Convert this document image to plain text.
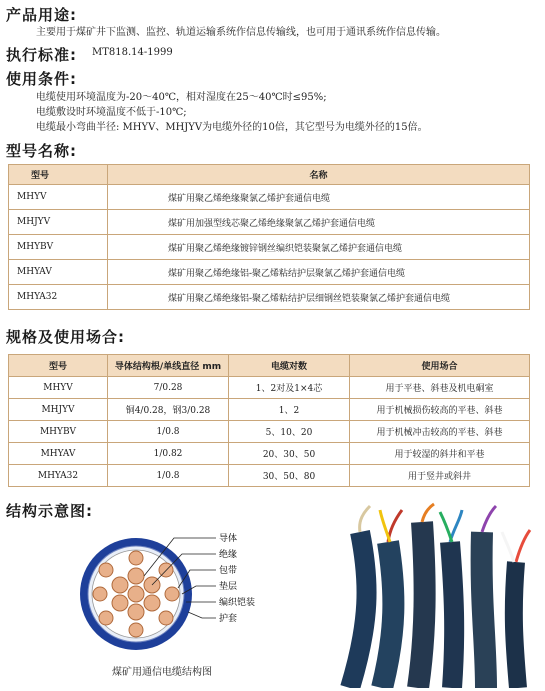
产品用途:

主要用于煤矿井下监测、监控、轨道运输系统作信息传输线，也可用于通讯系统作信息传输。

执行标准: MT818.14-1999
使用条件:

电缆使用环境温度为-20～40℃，相对湿度在25～40℃时≤95%;

电缆敷设时环境温度不低于-10℃;

电缆最小弯曲半径: MHYV、MHJYV为电缆外径的10倍，其它型号为电缆外径的15倍。

型号名称:
型号	名称
MHYV	煤矿用聚乙烯绝缘聚氯乙烯护套通信电缆
MHJYV	煤矿用加强型线芯聚乙烯绝缘聚氯乙烯护套通信电缆
MHYBV	煤矿用聚乙烯绝缘镀锌钢丝编织铠装聚氯乙烯护套通信电缆
MHYAV	煤矿用聚乙烯绝缘铝-聚乙烯粘结护层聚氯乙烯护套通信电缆
MHYA32	煤矿用聚乙烯绝缘铝-聚乙烯粘结护层细钢丝铠装聚氯乙烯护套通信电缆
规格及使用场合:
型号	导体结构根/单线直径 mm	电缆对数	使用场合
MHYV	7/0.28	1、2对及1×4芯	用于平巷、斜巷及机电硐室
MHJYV	铜4/0.28，钢3/0.28	1、2	用于机械损伤较高的平巷、斜巷
MHYBV	1/0.8	5、10、20	用于机械冲击较高的平巷、斜巷
MHYAV	1/0.82	20、30、50	用于较湿的斜井和平巷
MHYA32	1/0.8	30、50、80	用于竖井或斜井
结构示意图:
导体
绝缘
包带
垫层
编织铠装
护套
煤矿用通信电缆结构图
